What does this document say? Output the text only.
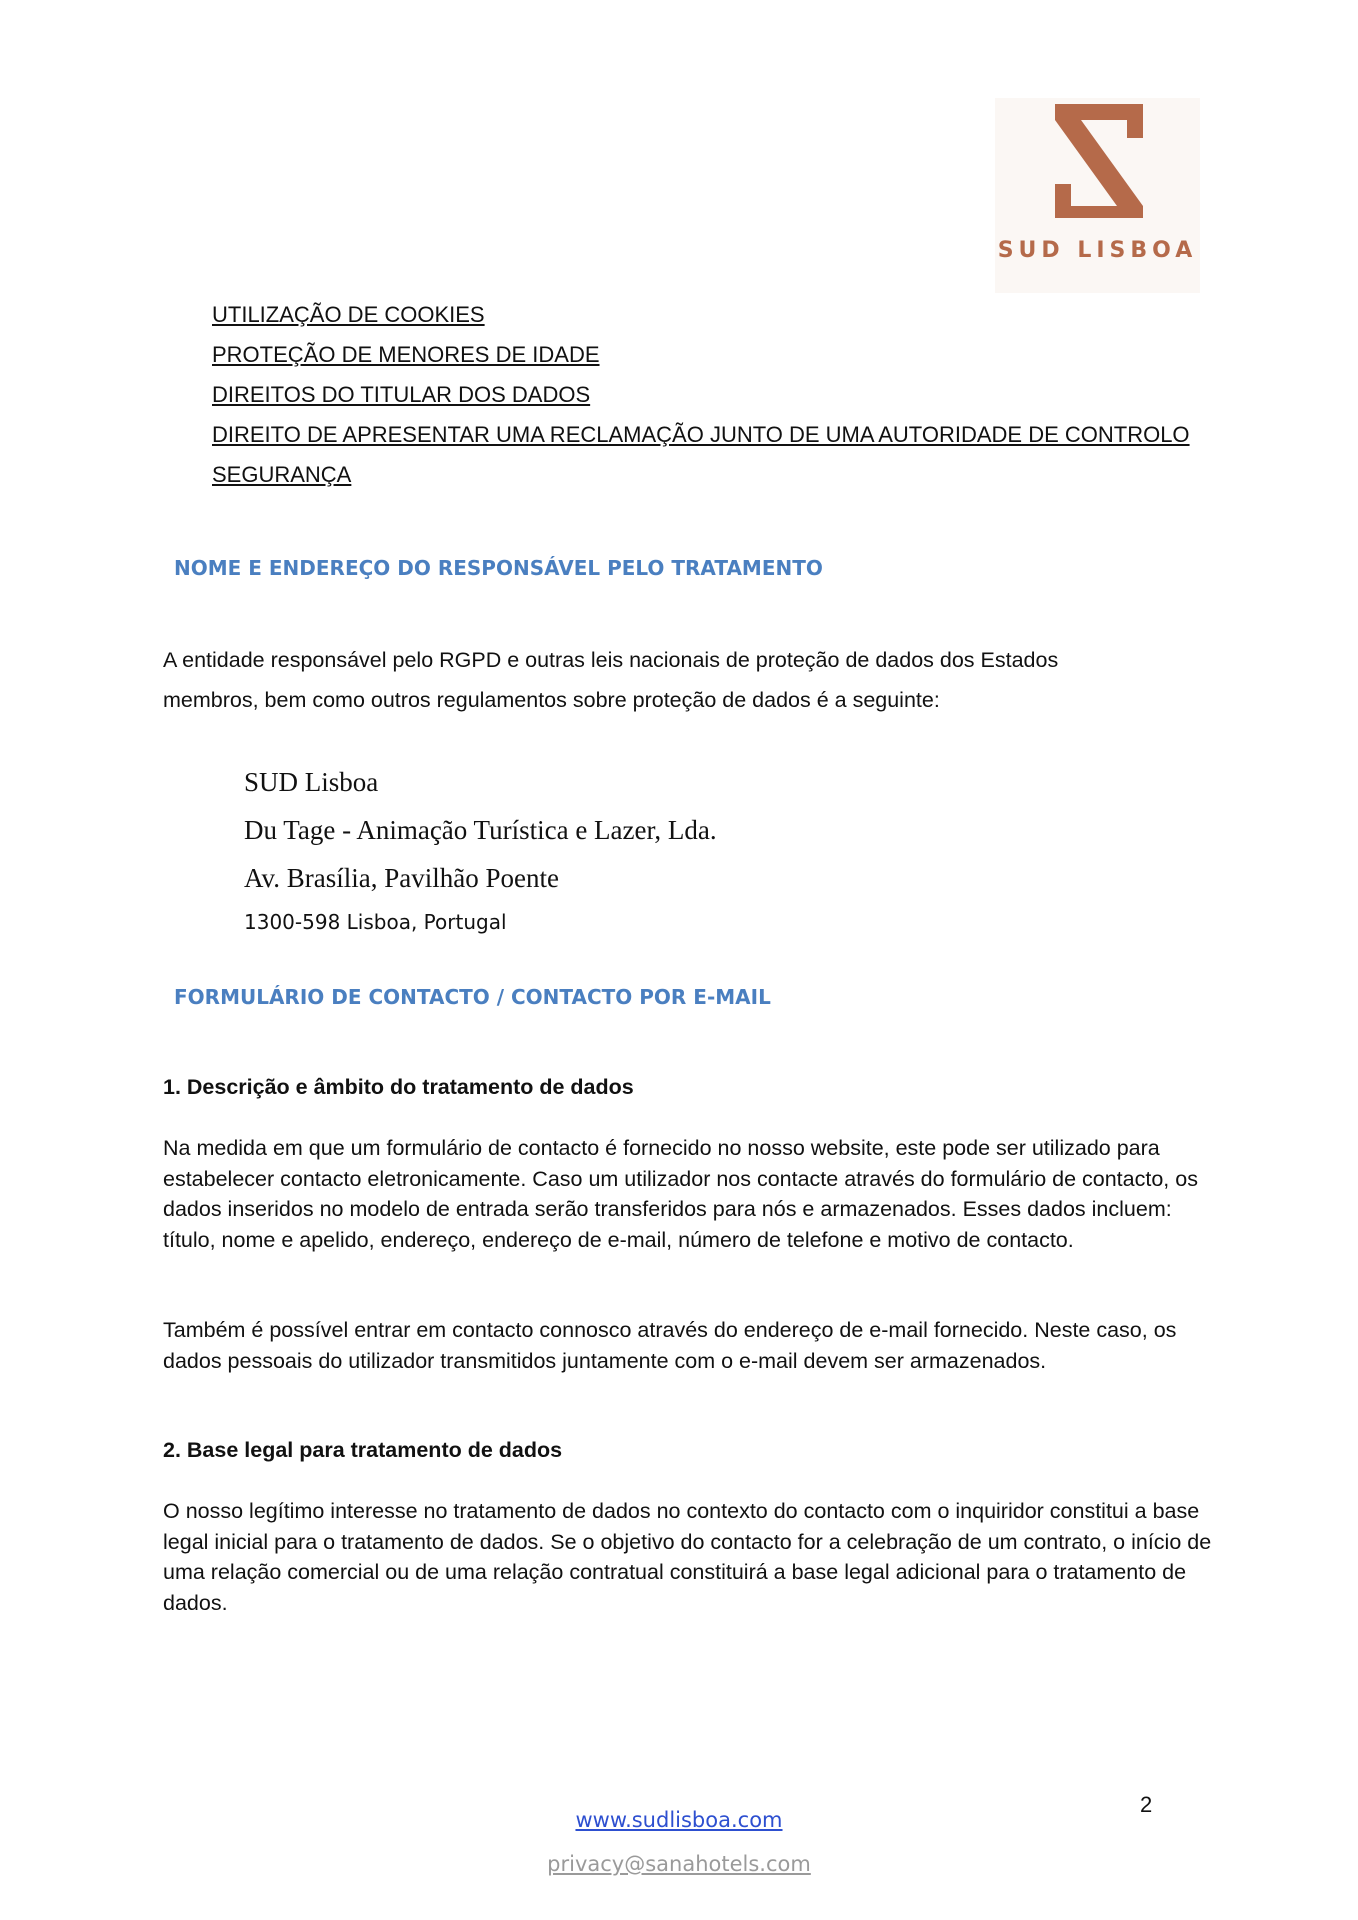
SUD LISBOA
UTILIZAÇÃO DE COOKIES
PROTEÇÃO DE MENORES DE IDADE
DIREITOS DO TITULAR DOS DADOS
DIREITO DE APRESENTAR UMA RECLAMAÇÃO JUNTO DE UMA AUTORIDADE DE CONTROLO
SEGURANÇA
NOME E ENDEREÇO DO RESPONSÁVEL PELO TRATAMENTO

A entidade responsável pelo RGPD e outras leis nacionais de proteção de dados dos Estados membros, bem como outros regulamentos sobre proteção de dados é a seguinte:

SUD Lisboa
Du Tage - Animação Turística e Lazer, Lda.
Av. Brasília, Pavilhão Poente
1300-598 Lisboa, Portugal
FORMULÁRIO DE CONTACTO / CONTACTO POR E-MAIL
1. Descrição e âmbito do tratamento de dados

Na medida em que um formulário de contacto é fornecido no nosso website, este pode ser utilizado para estabelecer contacto eletronicamente. Caso um utilizador nos contacte através do formulário de contacto, os dados inseridos no modelo de entrada serão transferidos para nós e armazenados. Esses dados incluem: título, nome e apelido, endereço, endereço de e-mail, número de telefone e motivo de contacto.

Também é possível entrar em contacto connosco através do endereço de e-mail fornecido. Neste caso, os dados pessoais do utilizador transmitidos juntamente com o e-mail devem ser armazenados.

2. Base legal para tratamento de dados

O nosso legítimo interesse no tratamento de dados no contexto do contacto com o inquiridor constitui a base legal inicial para o tratamento de dados. Se o objetivo do contacto for a celebração de um contrato, o início de uma relação comercial ou de uma relação contratual constituirá a base legal adicional para o tratamento de dados.

2
www.sudlisboa.com
privacy@sanahotels.com
